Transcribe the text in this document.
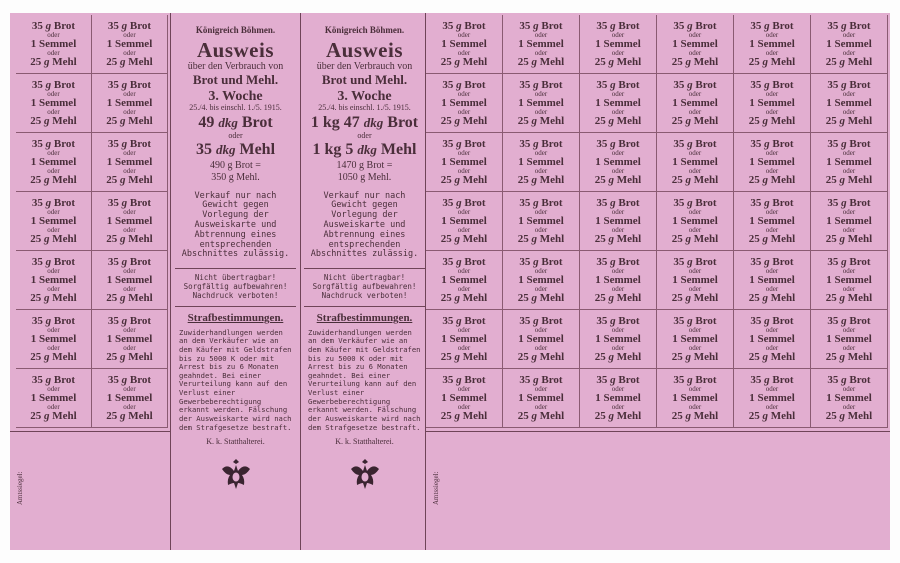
35 g Brot
oder
1 Semmel
oder
25 g Mehl
35 g Brot
oder
1 Semmel
oder
25 g Mehl
35 g Brot
oder
1 Semmel
oder
25 g Mehl
35 g Brot
oder
1 Semmel
oder
25 g Mehl
35 g Brot
oder
1 Semmel
oder
25 g Mehl
35 g Brot
oder
1 Semmel
oder
25 g Mehl
35 g Brot
oder
1 Semmel
oder
25 g Mehl
35 g Brot
oder
1 Semmel
oder
25 g Mehl
35 g Brot
oder
1 Semmel
oder
25 g Mehl
35 g Brot
oder
1 Semmel
oder
25 g Mehl
35 g Brot
oder
1 Semmel
oder
25 g Mehl
35 g Brot
oder
1 Semmel
oder
25 g Mehl
35 g Brot
oder
1 Semmel
oder
25 g Mehl
35 g Brot
oder
1 Semmel
oder
25 g Mehl
35 g Brot
oder
1 Semmel
oder
25 g Mehl
35 g Brot
oder
1 Semmel
oder
25 g Mehl
35 g Brot
oder
1 Semmel
oder
25 g Mehl
35 g Brot
oder
1 Semmel
oder
25 g Mehl
35 g Brot
oder
1 Semmel
oder
25 g Mehl
35 g Brot
oder
1 Semmel
oder
25 g Mehl
35 g Brot
oder
1 Semmel
oder
25 g Mehl
35 g Brot
oder
1 Semmel
oder
25 g Mehl
35 g Brot
oder
1 Semmel
oder
25 g Mehl
35 g Brot
oder
1 Semmel
oder
25 g Mehl
35 g Brot
oder
1 Semmel
oder
25 g Mehl
35 g Brot
oder
1 Semmel
oder
25 g Mehl
35 g Brot
oder
1 Semmel
oder
25 g Mehl
35 g Brot
oder
1 Semmel
oder
25 g Mehl
35 g Brot
oder
1 Semmel
oder
25 g Mehl
35 g Brot
oder
1 Semmel
oder
25 g Mehl
35 g Brot
oder
1 Semmel
oder
25 g Mehl
35 g Brot
oder
1 Semmel
oder
25 g Mehl
35 g Brot
oder
1 Semmel
oder
25 g Mehl
35 g Brot
oder
1 Semmel
oder
25 g Mehl
35 g Brot
oder
1 Semmel
oder
25 g Mehl
35 g Brot
oder
1 Semmel
oder
25 g Mehl
35 g Brot
oder
1 Semmel
oder
25 g Mehl
35 g Brot
oder
1 Semmel
oder
25 g Mehl
35 g Brot
oder
1 Semmel
oder
25 g Mehl
35 g Brot
oder
1 Semmel
oder
25 g Mehl
35 g Brot
oder
1 Semmel
oder
25 g Mehl
35 g Brot
oder
1 Semmel
oder
25 g Mehl
35 g Brot
oder
1 Semmel
oder
25 g Mehl
35 g Brot
oder
1 Semmel
oder
25 g Mehl
35 g Brot
oder
1 Semmel
oder
25 g Mehl
35 g Brot
oder
1 Semmel
oder
25 g Mehl
35 g Brot
oder
1 Semmel
oder
25 g Mehl
35 g Brot
oder
1 Semmel
oder
25 g Mehl
35 g Brot
oder
1 Semmel
oder
25 g Mehl
35 g Brot
oder
1 Semmel
oder
25 g Mehl
35 g Brot
oder
1 Semmel
oder
25 g Mehl
35 g Brot
oder
1 Semmel
oder
25 g Mehl
35 g Brot
oder
1 Semmel
oder
25 g Mehl
35 g Brot
oder
1 Semmel
oder
25 g Mehl
35 g Brot
oder
1 Semmel
oder
25 g Mehl
35 g Brot
oder
1 Semmel
oder
25 g Mehl
Königreich Böhmen.
Ausweis
über den Verbrauch von
Brot und Mehl.
3. Woche
25./4. bis einschl. 1./5. 1915.
49 dkg Brot
oder
35 dkg Mehl
490 g Brot =
350 g Mehl.
Verkauf nur nach Gewicht gegen Vorlegung der Ausweiskarte und Abtrennung eines entsprechenden Abschnittes zulässig.
Nicht übertragbar! Sorgfältig aufbewahren! Nachdruck verboten!
Strafbestimmungen.
Zuwiderhandlungen werden an dem Verkäufer wie an dem Käufer mit Geldstrafen bis zu 5000 K oder mit Arrest bis zu 6 Monaten geahndet. Bei einer Verurteilung kann auf den Verlust einer Gewerbeberechtigung erkannt werden. Fälschung der Ausweiskarte wird nach dem Strafgesetze bestraft.
K. k. Statthalterei.
Königreich Böhmen.
Ausweis
über den Verbrauch von
Brot und Mehl.
3. Woche
25./4. bis einschl. 1./5. 1915.
1 kg 47 dkg Brot
oder
1 kg 5 dkg Mehl
1470 g Brot =
1050 g Mehl.
Verkauf nur nach Gewicht gegen Vorlegung der Ausweiskarte und Abtrennung eines entsprechenden Abschnittes zulässig.
Nicht übertragbar! Sorgfältig aufbewahren! Nachdruck verboten!
Strafbestimmungen.
Zuwiderhandlungen werden an dem Verkäufer wie an dem Käufer mit Geldstrafen bis zu 5000 K oder mit Arrest bis zu 6 Monaten geahndet. Bei einer Verurteilung kann auf den Verlust einer Gewerbeberechtigung erkannt werden. Fälschung der Ausweiskarte wird nach dem Strafgesetze bestraft.
K. k. Statthalterei.
Amtssiegel:	Amtssiegel:
